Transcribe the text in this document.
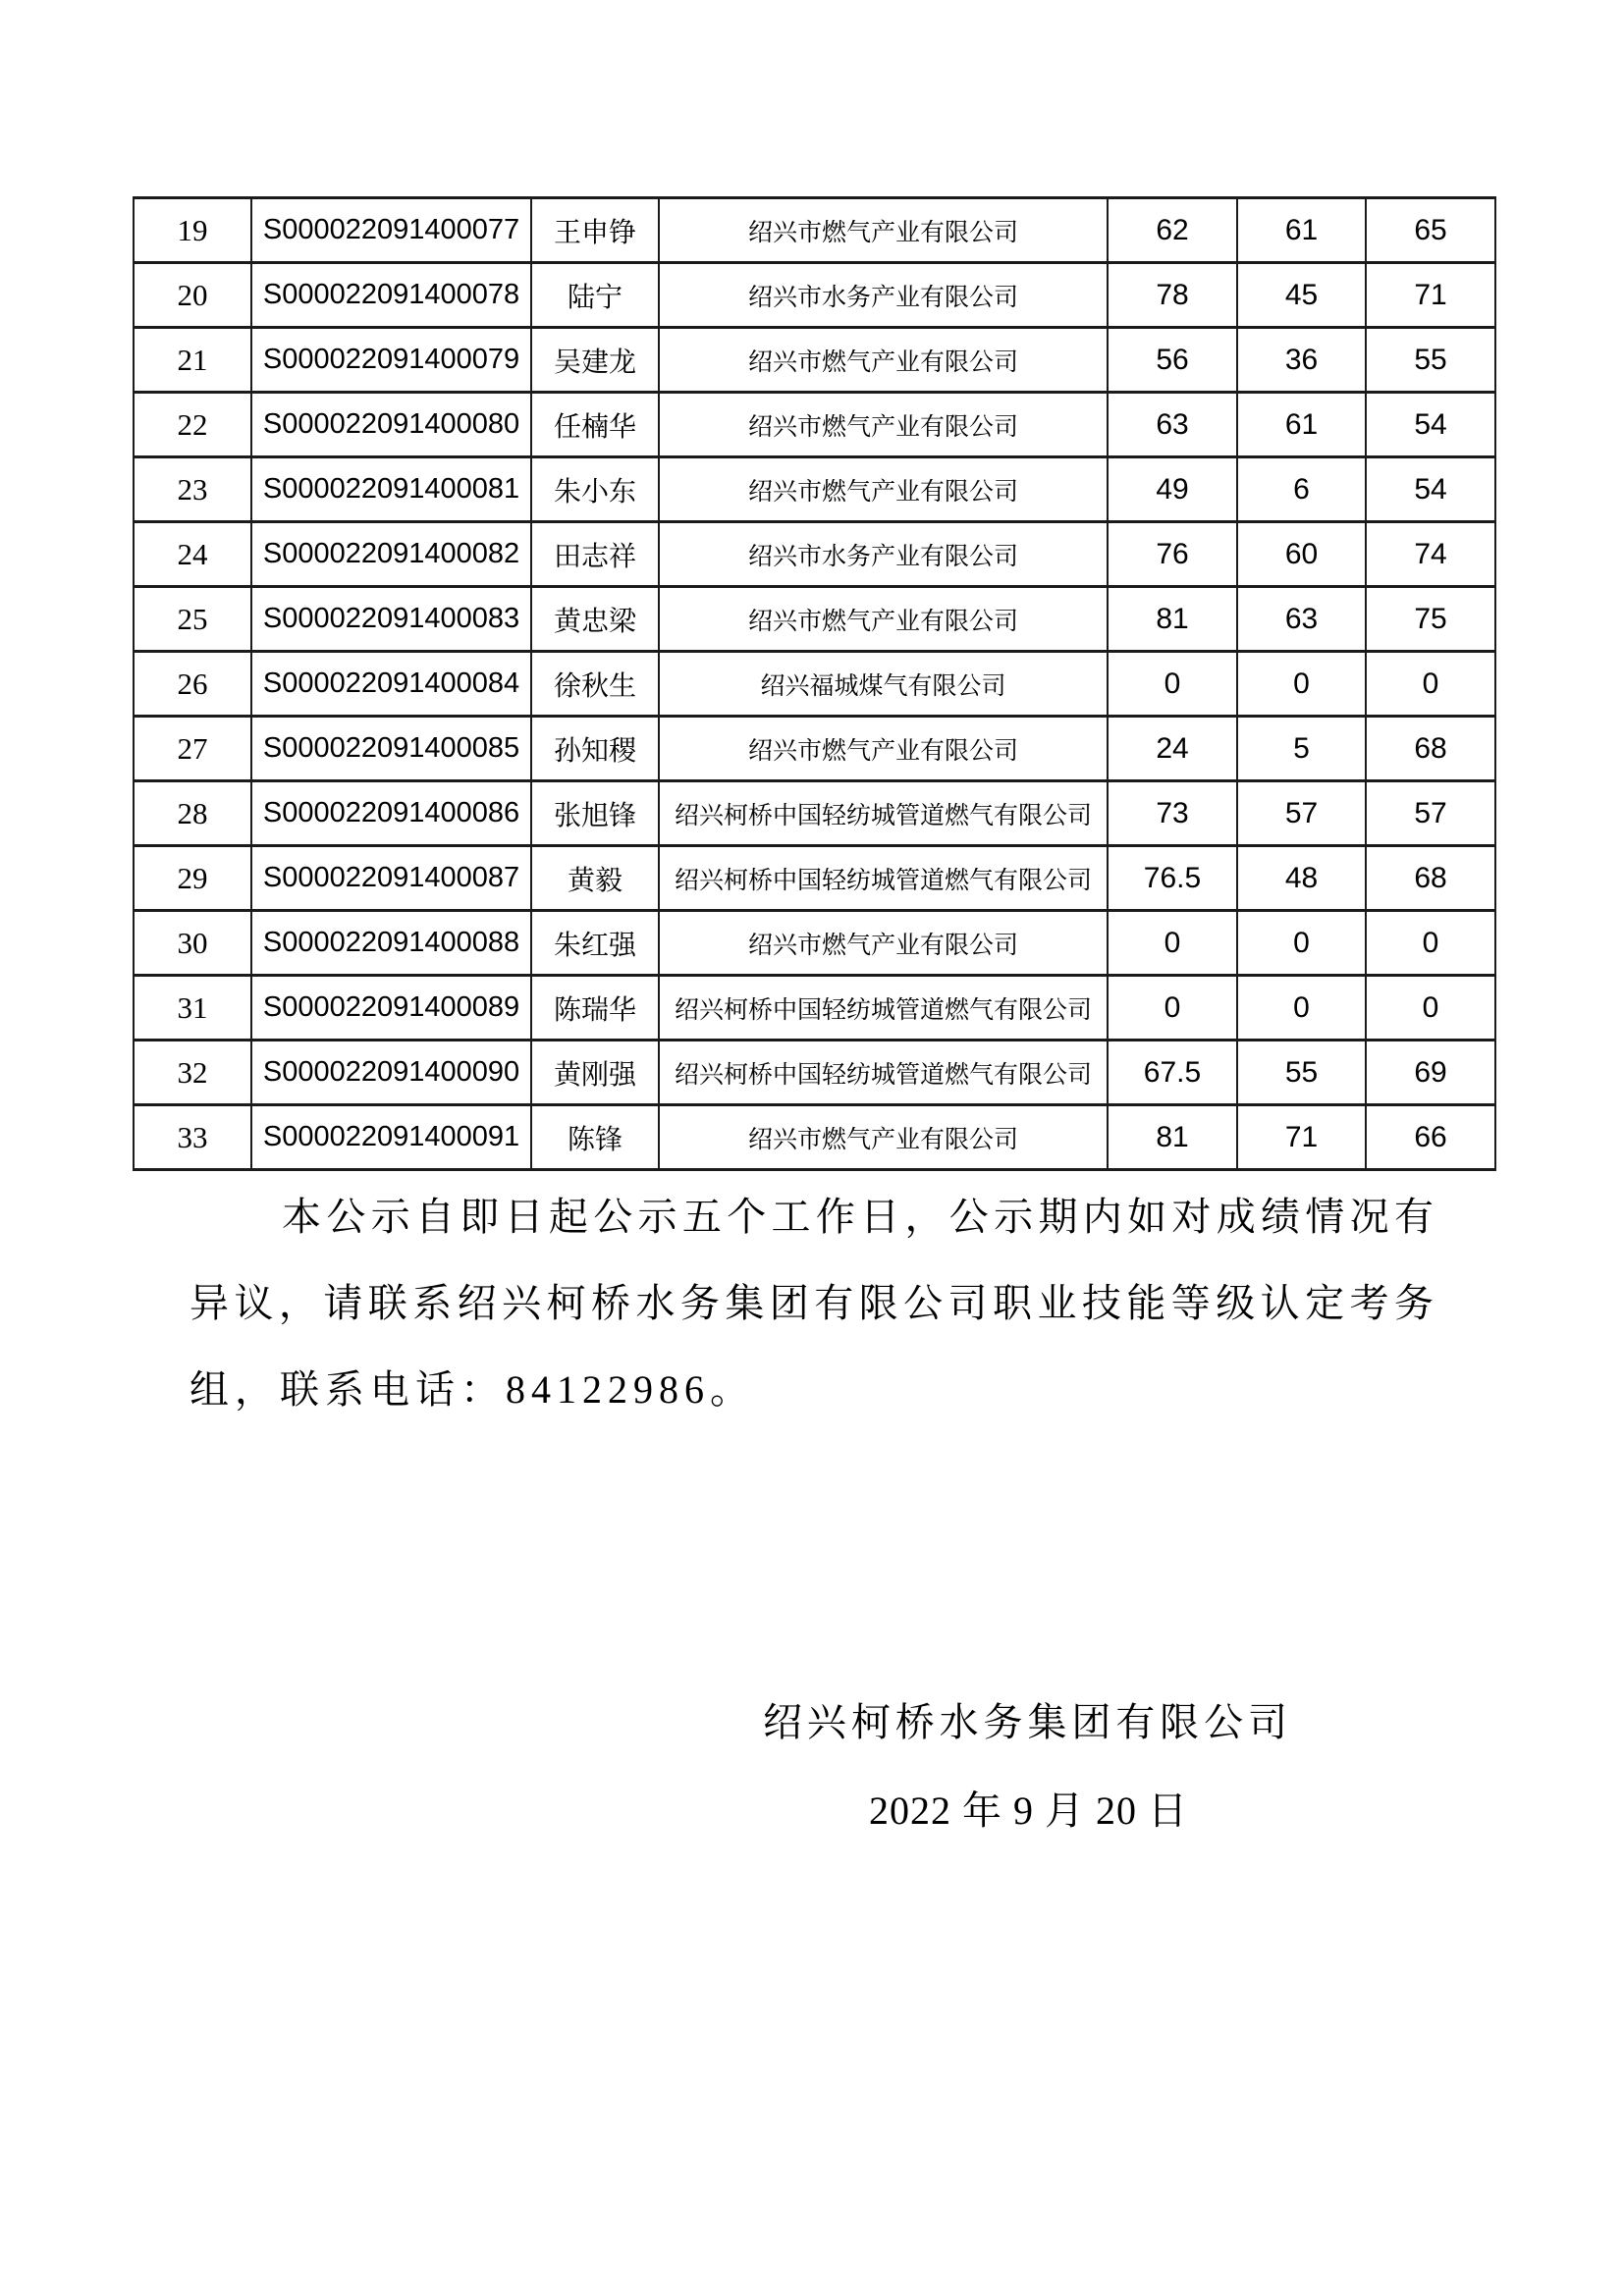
19	S000022091400077	王申铮	绍兴市燃气产业有限公司	62	61	65
20	S000022091400078	陆宁	绍兴市水务产业有限公司	78	45	71
21	S000022091400079	吴建龙	绍兴市燃气产业有限公司	56	36	55
22	S000022091400080	任楠华	绍兴市燃气产业有限公司	63	61	54
23	S000022091400081	朱小东	绍兴市燃气产业有限公司	49	6	54
24	S000022091400082	田志祥	绍兴市水务产业有限公司	76	60	74
25	S000022091400083	黄忠梁	绍兴市燃气产业有限公司	81	63	75
26	S000022091400084	徐秋生	绍兴福城煤气有限公司	0	0	0
27	S000022091400085	孙知稷	绍兴市燃气产业有限公司	24	5	68
28	S000022091400086	张旭锋	绍兴柯桥中国轻纺城管道燃气有限公司	73	57	57
29	S000022091400087	黄毅	绍兴柯桥中国轻纺城管道燃气有限公司	76.5	48	68
30	S000022091400088	朱红强	绍兴市燃气产业有限公司	0	0	0
31	S000022091400089	陈瑞华	绍兴柯桥中国轻纺城管道燃气有限公司	0	0	0
32	S000022091400090	黄刚强	绍兴柯桥中国轻纺城管道燃气有限公司	67.5	55	69
33	S000022091400091	陈锋	绍兴市燃气产业有限公司	81	71	66
本公示自即日起公示五个工作日，公示期内如对成绩情况有
异议，请联系绍兴柯桥水务集团有限公司职业技能等级认定考务
组，联系电话：84122986。
绍兴柯桥水务集团有限公司
2022 年 9 月 20 日
